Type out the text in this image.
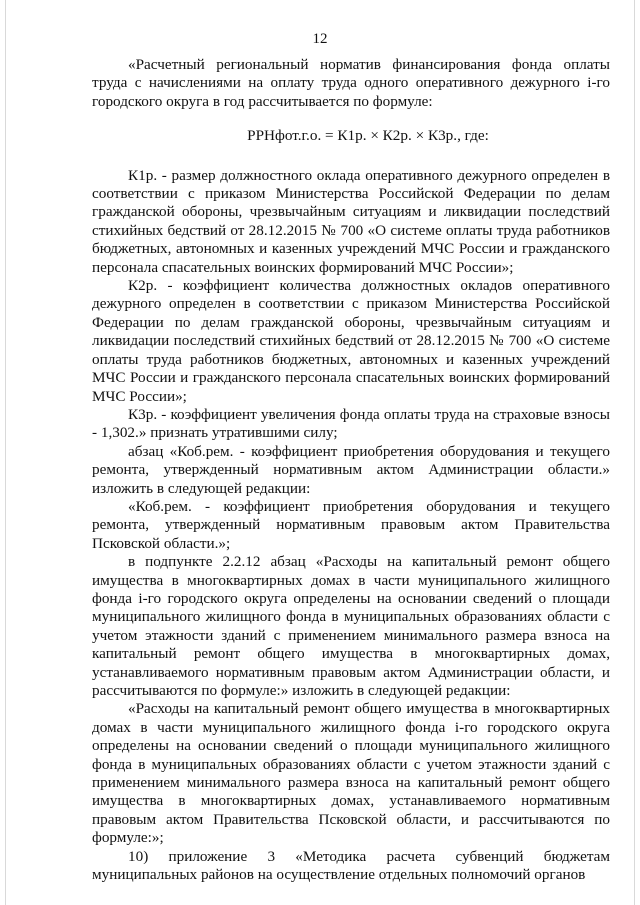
12

«Расчетный региональный норматив финансирования фонда оплаты труда с начислениями на оплату труда одного оперативного дежурного i-го городского округа в год рассчитывается по формуле:

РРНфот.г.о. = К1р. × К2р. × К3р., где:

К1р. - размер должностного оклада оперативного дежурного определен в соответствии с приказом Министерства Российской Федерации по делам гражданской обороны, чрезвычайным ситуациям и ликвидации последствий стихийных бедствий от 28.12.2015 № 700 «О системе оплаты труда работников бюджетных, автономных и казенных учреждений МЧС России и гражданского персонала спасательных воинских формирований МЧС России»;

К2р. - коэффициент количества должностных окладов оперативного дежурного определен в соответствии с приказом Министерства Российской Федерации по делам гражданской обороны, чрезвычайным ситуациям и ликвидации последствий стихийных бедствий от 28.12.2015 № 700 «О системе оплаты труда работников бюджетных, автономных и казенных учреждений МЧС России и гражданского персонала спасательных воинских формирований МЧС России»;

К3р. - коэффициент увеличения фонда оплаты труда на страховые взносы - 1,302.» признать утратившими силу;

абзац «Коб.рем. - коэффициент приобретения оборудования и текущего ремонта, утвержденный нормативным актом Администрации области.» изложить в следующей редакции:

«Коб.рем. - коэффициент приобретения оборудования и текущего ремонта, утвержденный нормативным правовым актом Правительства Псковской области.»;

в подпункте 2.2.12 абзац «Расходы на капитальный ремонт общего имущества в многоквартирных домах в части муниципального жилищного фонда i-го городского округа определены на основании сведений о площади муниципального жилищного фонда в муниципальных образованиях области с учетом этажности зданий с применением минимального размера взноса на капитальный ремонт общего имущества в многоквартирных домах, устанавливаемого нормативным правовым актом Администрации области, и рассчитываются по формуле:» изложить в следующей редакции:

«Расходы на капитальный ремонт общего имущества в многоквартирных домах в части муниципального жилищного фонда i-го городского округа определены на основании сведений о площади муниципального жилищного фонда в муниципальных образованиях области с учетом этажности зданий с применением минимального размера взноса на капитальный ремонт общего имущества в многоквартирных домах, устанавливаемого нормативным правовым актом Правительства Псковской области, и рассчитываются по формуле:»;

10) приложение 3 «Методика расчета субвенций бюджетам муниципальных районов на осуществление отдельных полномочий органов
